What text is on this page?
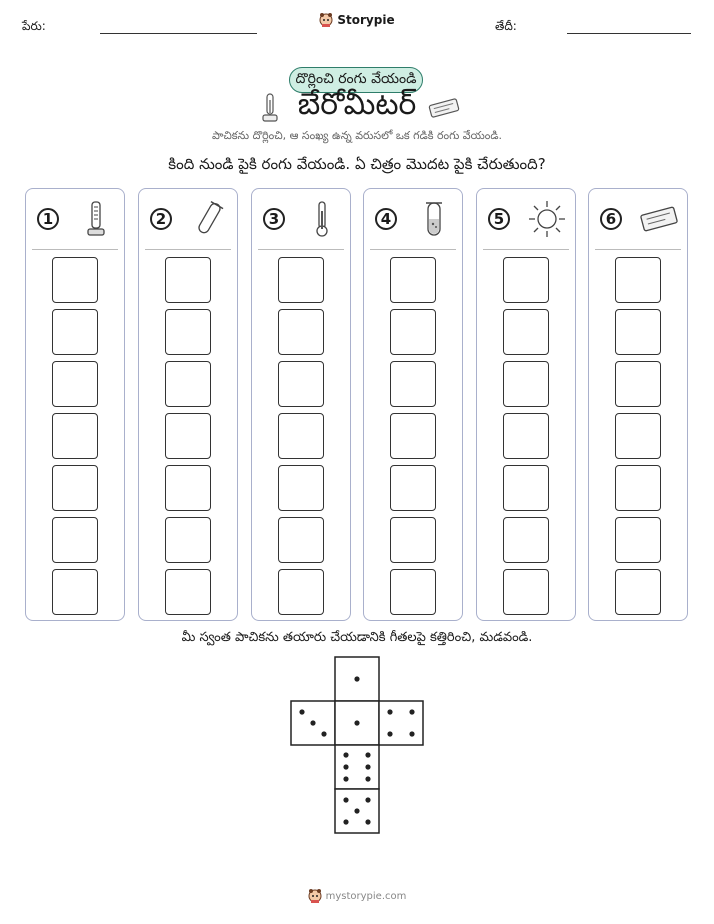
పేరు:	Storypie	తేదీ:
దొర్లించి రంగు వేయండి
బేరోమీటర్
పాచికను దొర్లించి, ఆ సంఖ్య ఉన్న వరుసలో ఒక గడికి రంగు వేయండి.
కింది నుండి పైకి రంగు వేయండి. ఏ చిత్రం మొదట పైకి చేరుతుంది?
1	2	3	4	5	6
మీ స్వంత పాచికను తయారు చేయడానికి గీతలపై కత్తిరించి, మడవండి.
mystorypie.com
